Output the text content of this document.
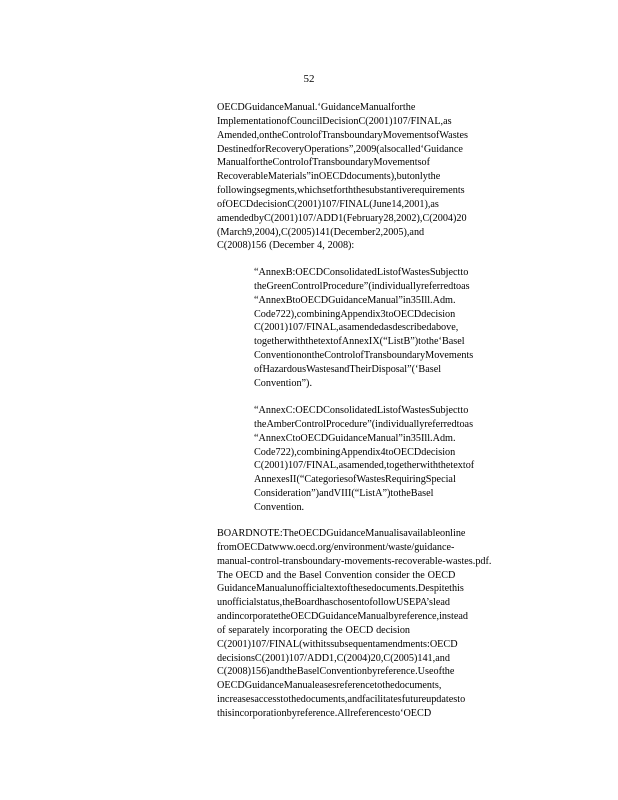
52
OECDGuidanceManual.‘GuidanceManualforthe
ImplementationofCouncilDecisionC(2001)107/FINAL,as
Amended,ontheControlofTransboundaryMovementsofWastes
DestinedforRecoveryOperations”,2009(alsocalled‘Guidance
ManualfortheControlofTransboundaryMovementsof
RecoverableMaterials”inOECDdocuments),butonlythe
followingsegments,whichsetforththesubstantiverequirements
ofOECDdecisionC(2001)107/FINAL(June14,2001),as
amendedbyC(2001)107/ADD1(February28,2002),C(2004)20
(March9,2004),C(2005)141(December2,2005),and
C(2008)156 (December 4, 2008):
“AnnexB:OECDConsolidatedListofWastesSubjectto
theGreenControlProcedure”(individuallyreferredtoas
“AnnexBtoOECDGuidanceManual”in35Ill.Adm.
Code722),combiningAppendix3toOECDdecision
C(2001)107/FINAL,asamendedasdescribedabove,
togetherwiththetextofAnnexIX(“ListB”)tothe‘Basel
ConventionontheControlofTransboundaryMovements
ofHazardousWastesandTheirDisposal”(‘Basel
Convention”).
“AnnexC:OECDConsolidatedListofWastesSubjectto
theAmberControlProcedure”(individuallyreferredtoas
“AnnexCtoOECDGuidanceManual”in35Ill.Adm.
Code722),combiningAppendix4toOECDdecision
C(2001)107/FINAL,asamended,togetherwiththetextof
AnnexesII(“CategoriesofWastesRequiringSpecial
Consideration”)andVIII(“ListA”)totheBasel
Convention.
BOARDNOTE:TheOECDGuidanceManualisavailableonline
fromOECDatwww.oecd.org/environment/waste/guidance-
manual-control-transboundary-movements-recoverable-wastes.pdf.
The OECD and the Basel Convention consider the OECD
GuidanceManualunofficialtextofthesedocuments.Despitethis
unofficialstatus,theBoardhaschosentofollowUSEPA’slead
andincorporatetheOECDGuidanceManualbyreference,instead
of separately incorporating the OECD decision
C(2001)107/FINAL(withitssubsequentamendments:OECD
decisionsC(2001)107/ADD1,C(2004)20,C(2005)141,and
C(2008)156)andtheBaselConventionbyreference.Useofthe
OECDGuidanceManualeasesreferencetothedocuments,
increasesaccesstothedocuments,andfacilitatesfutureupdatesto
thisincorporationbyreference.Allreferencesto‘OECD
